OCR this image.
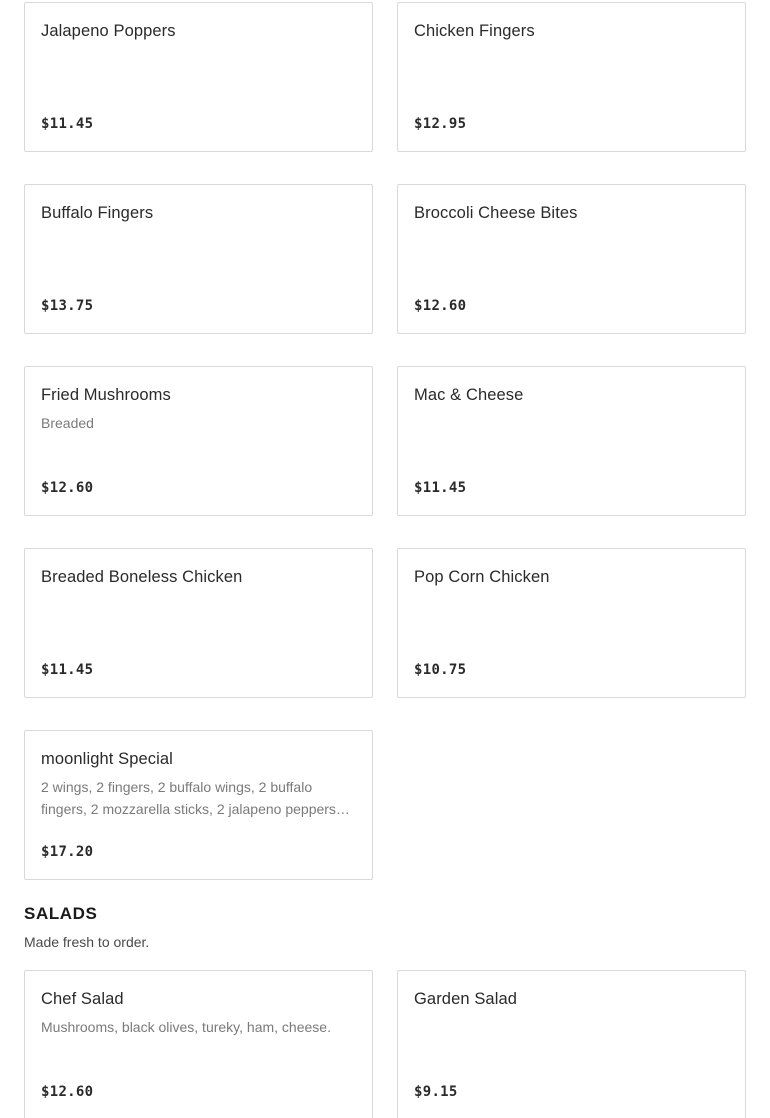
Jalapeno Poppers
$11.45
Chicken Fingers
$12.95
Buffalo Fingers
$13.75
Broccoli Cheese Bites
$12.60
Fried Mushrooms
Breaded
$12.60
Mac & Cheese
$11.45
Breaded Boneless Chicken
$11.45
Pop Corn Chicken
$10.75
moonlight Special
2 wings, 2 fingers, 2 buffalo wings, 2 buffalo fingers, 2 mozzarella sticks, 2 jalapeno peppers…
$17.20
SALADS
Made fresh to order.
Chef Salad
Mushrooms, black olives, tureky, ham, cheese.
$12.60
Garden Salad
$9.15
